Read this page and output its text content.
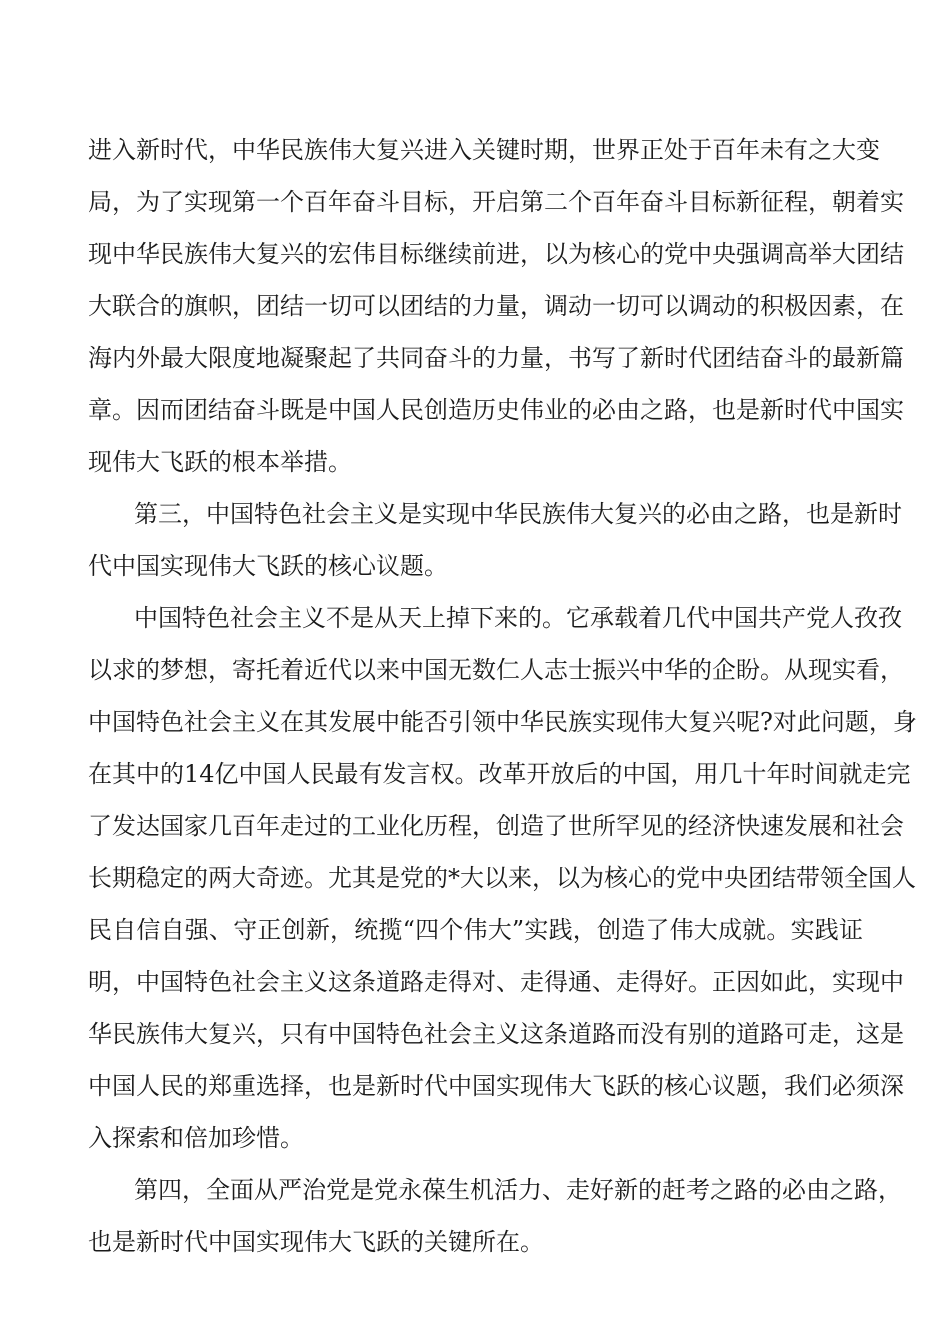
进入新时代，中华民族伟大复兴进入关键时期，世界正处于百年未有之大变
局，为了实现第一个百年奋斗目标，开启第二个百年奋斗目标新征程，朝着实
现中华民族伟大复兴的宏伟目标继续前进，以为核心的党中央强调高举大团结
大联合的旗帜，团结一切可以团结的力量，调动一切可以调动的积极因素，在
海内外最大限度地凝聚起了共同奋斗的力量，书写了新时代团结奋斗的最新篇
章。因而团结奋斗既是中国人民创造历史伟业的必由之路，也是新时代中国实
现伟大飞跃的根本举措。
第三，中国特色社会主义是实现中华民族伟大复兴的必由之路，也是新时
代中国实现伟大飞跃的核心议题。
中国特色社会主义不是从天上掉下来的。它承载着几代中国共产党人孜孜
以求的梦想，寄托着近代以来中国无数仁人志士振兴中华的企盼。从现实看，
中国特色社会主义在其发展中能否引领中华民族实现伟大复兴呢?对此问题，身
在其中的14亿中国人民最有发言权。改革开放后的中国，用几十年时间就走完
了发达国家几百年走过的工业化历程，创造了世所罕见的经济快速发展和社会
长期稳定的两大奇迹。尤其是党的*大以来，以为核心的党中央团结带领全国人
民自信自强、守正创新，统揽“四个伟大”实践，创造了伟大成就。实践证
明，中国特色社会主义这条道路走得对、走得通、走得好。正因如此，实现中
华民族伟大复兴，只有中国特色社会主义这条道路而没有别的道路可走，这是
中国人民的郑重选择，也是新时代中国实现伟大飞跃的核心议题，我们必须深
入探索和倍加珍惜。
第四，全面从严治党是党永葆生机活力、走好新的赶考之路的必由之路，
也是新时代中国实现伟大飞跃的关键所在。
